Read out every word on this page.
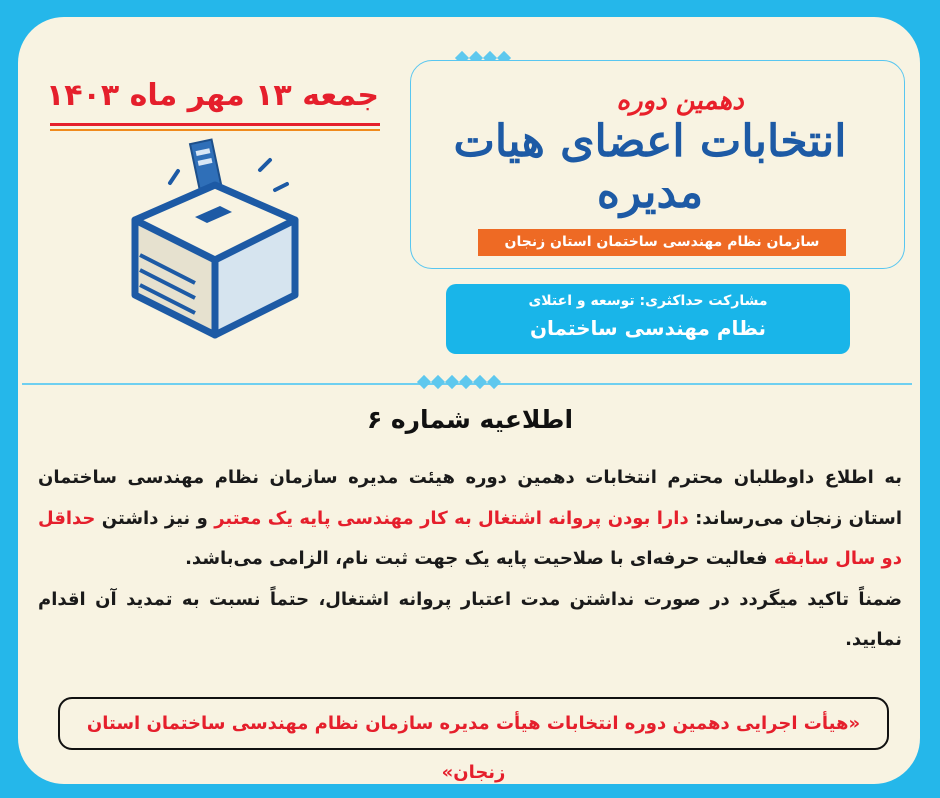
جمعه ۱۳ مهر ماه ۱۴۰۳	دهمین دوره
انتخابات اعضای هیات مدیره
سازمان نظام مهندسی ساختمان استان زنجان
مشارکت حداکثری: توسعه و اعتلای
نظام مهندسی ساختمان
اطلاعیه شماره ۶
به اطلاع داوطلبان محترم انتخابات دهمین دوره هیئت مدیره سازمان نظام مهندسی ساختمان استان زنجان می‌رساند: دارا بودن پروانه اشتغال به کار مهندسی پایه یک معتبر و نیز داشتن حداقل دو سال سابقه فعالیت حرفه‌ای با صلاحیت پایه یک جهت ثبت نام، الزامی می‌باشد.
ضمناً تاکید میگردد در صورت نداشتن مدت اعتبار پروانه اشتغال، حتماً نسبت به تمدید آن اقدام نمایید.
«هیأت اجرایی دهمین دوره انتخابات هیأت مدیره سازمان نظام مهندسی ساختمان استان زنجان»
